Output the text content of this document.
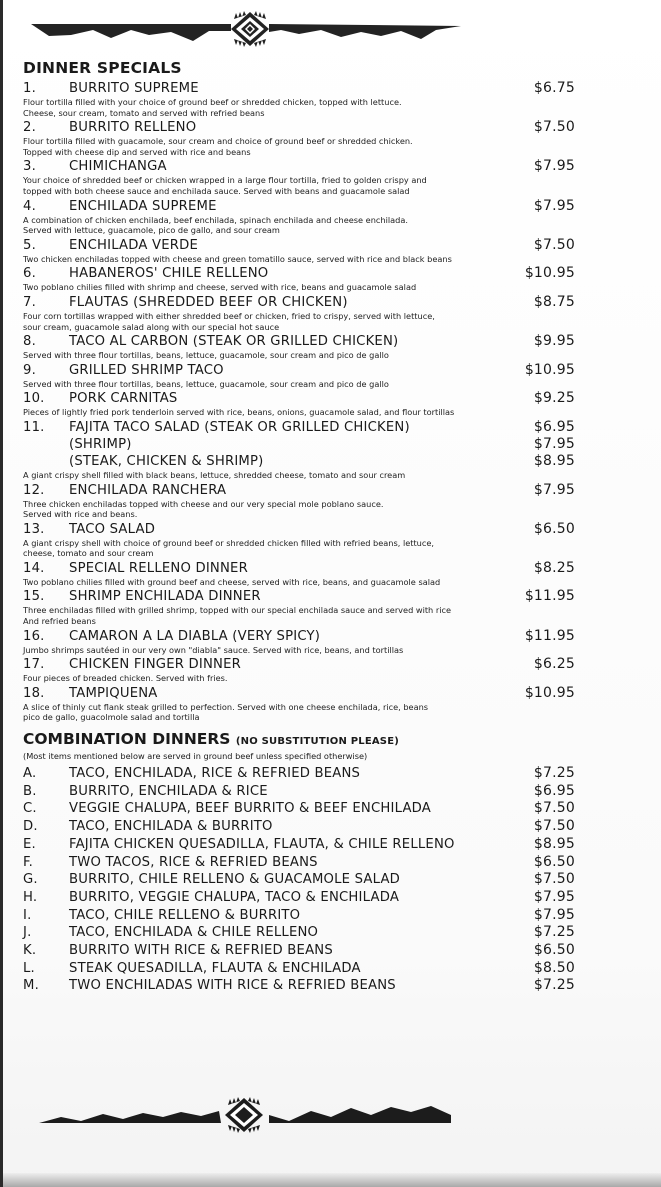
DINNER SPECIALS
1.	BURRITO SUPREME	$6.75
Flour tortilla filled with your choice of ground beef or shredded chicken, topped with lettuce.
Cheese, sour cream, tomato and served with refried beans
2.	BURRITO RELLENO	$7.50
Flour tortilla filled with guacamole, sour cream and choice of ground beef or shredded chicken.
Topped with cheese dip and served with rice and beans
3.	CHIMICHANGA	$7.95
Your choice of shredded beef or chicken wrapped in a large flour tortilla, fried to golden crispy and
topped with both cheese sauce and enchilada sauce. Served with beans and guacamole salad
4.	ENCHILADA SUPREME	$7.95
A combination of chicken enchilada, beef enchilada, spinach enchilada and cheese enchilada.
Served with lettuce, guacamole, pico de gallo, and sour cream
5.	ENCHILADA VERDE	$7.50
Two chicken enchiladas topped with cheese and green tomatillo sauce, served with rice and black beans
6.	HABANEROS' CHILE RELLENO	$10.95
Two poblano chilies filled with shrimp and cheese, served with rice, beans and guacamole salad
7.	FLAUTAS (SHREDDED BEEF OR CHICKEN)	$8.75
Four corn tortillas wrapped with either shredded beef or chicken, fried to crispy, served with lettuce,
sour cream, guacamole salad along with our special hot sauce
8.	TACO AL CARBON (STEAK OR GRILLED CHICKEN)	$9.95
Served with three flour tortillas, beans, lettuce, guacamole, sour cream and pico de gallo
9.	GRILLED SHRIMP TACO	$10.95
Served with three flour tortillas, beans, lettuce, guacamole, sour cream and pico de gallo
10.	PORK CARNITAS	$9.25
Pieces of lightly fried pork tenderloin served with rice, beans, onions, guacamole salad, and flour tortillas
11.	FAJITA TACO SALAD (STEAK OR GRILLED CHICKEN)	$6.95
(SHRIMP)	$7.95
(STEAK, CHICKEN & SHRIMP)	$8.95
A giant crispy shell filled with black beans, lettuce, shredded cheese, tomato and sour cream
12.	ENCHILADA RANCHERA	$7.95
Three chicken enchiladas topped with cheese and our very special mole poblano sauce.
Served with rice and beans.
13.	TACO SALAD	$6.50
A giant crispy shell with choice of ground beef or shredded chicken filled with refried beans, lettuce,
cheese, tomato and sour cream
14.	SPECIAL RELLENO DINNER	$8.25
Two poblano chilies filled with ground beef and cheese, served with rice, beans, and guacamole salad
15.	SHRIMP ENCHILADA DINNER	$11.95
Three enchiladas filled with grilled shrimp, topped with our special enchilada sauce and served with rice
And refried beans
16.	CAMARON A LA DIABLA (VERY SPICY)	$11.95
Jumbo shrimps sautéed in our very own "diabla" sauce. Served with rice, beans, and tortillas
17.	CHICKEN FINGER DINNER	$6.25
Four pieces of breaded chicken. Served with fries.
18.	TAMPIQUENA	$10.95
A slice of thinly cut flank steak grilled to perfection. Served with one cheese enchilada, rice, beans
pico de gallo, guacolmole salad and tortilla
COMBINATION DINNERS (NO SUBSTITUTION PLEASE)
(Most items mentioned below are served in ground beef unless specified otherwise)
A.	TACO, ENCHILADA, RICE & REFRIED BEANS	$7.25
B.	BURRITO, ENCHILADA & RICE	$6.95
C.	VEGGIE CHALUPA, BEEF BURRITO & BEEF ENCHILADA	$7.50
D.	TACO, ENCHILADA & BURRITO	$7.50
E.	FAJITA CHICKEN QUESADILLA, FLAUTA, & CHILE RELLENO	$8.95
F.	TWO TACOS, RICE & REFRIED BEANS	$6.50
G.	BURRITO, CHILE RELLENO & GUACAMOLE SALAD	$7.50
H.	BURRITO, VEGGIE CHALUPA, TACO & ENCHILADA	$7.95
I.	TACO, CHILE RELLENO & BURRITO	$7.95
J.	TACO, ENCHILADA & CHILE RELLENO	$7.25
K.	BURRITO WITH RICE & REFRIED BEANS	$6.50
L.	STEAK QUESADILLA, FLAUTA & ENCHILADA	$8.50
M.	TWO ENCHILADAS WITH RICE & REFRIED BEANS	$7.25
